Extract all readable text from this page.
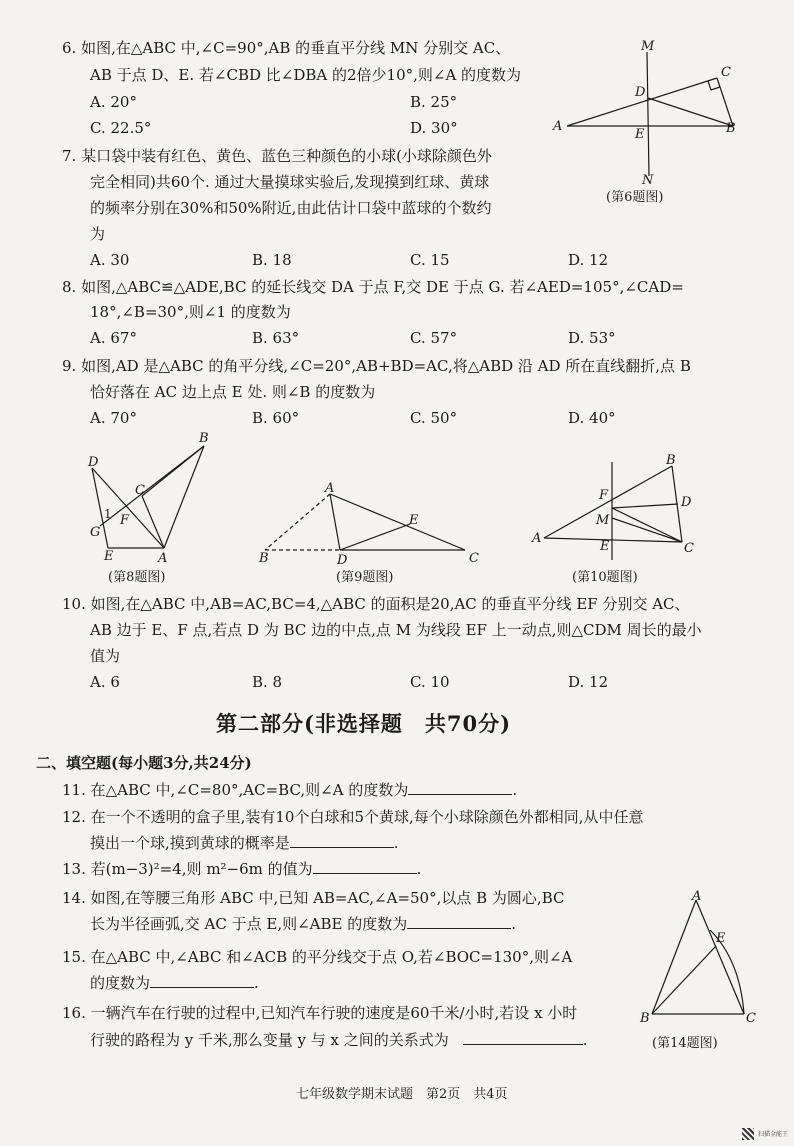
6. 如图,在△ABC 中,∠C=90°,AB 的垂直平分线 MN 分别交 AC、
AB 于点 D、E. 若∠CBD 比∠DBA 的2倍少10°,则∠A 的度数为
A. 20°	B. 25°
C. 22.5°	D. 30°
M
C
D
A
E	B
N
(第6题图)
7. 某口袋中装有红色、黄色、蓝色三种颜色的小球(小球除颜色外
完全相同)共60个. 通过大量摸球实验后,发现摸到红球、黄球
的频率分别在30%和50%附近,由此估计口袋中蓝球的个数约
为
A. 30	B. 18	C. 15	D. 12
8. 如图,△ABC≌△ADE,BC 的延长线交 DA 于点 F,交 DE 于点 G. 若∠AED=105°,∠CAD=
18°,∠B=30°,则∠1 的度数为
A. 67°	B. 63°	C. 57°	D. 53°
9. 如图,AD 是△ABC 的角平分线,∠C=20°,AB+BD=AC,将△ABD 沿 AD 所在直线翻折,点 B
恰好落在 AC 边上点 E 处. 则∠B 的度数为
A. 70°	B. 60°	C. 50°	D. 40°
D
B
C
1 F
G
E	A
(第8题图)
A
E
B	D	C
(第9题图)
B
F	D
M
A
E	C
(第10题图)
10. 如图,在△ABC 中,AB=AC,BC=4,△ABC 的面积是20,AC 的垂直平分线 EF 分别交 AC、
AB 边于 E、F 点,若点 D 为 BC 边的中点,点 M 为线段 EF 上一动点,则△CDM 周长的最小
值为
A. 6	B. 8	C. 10	D. 12
第二部分(非选择题　共70分)
二、填空题(每小题3分,共24分)
11. 在△ABC 中,∠C=80°,AC=BC,则∠A 的度数为	.
12. 在一个不透明的盒子里,装有10个白球和5个黄球,每个小球除颜色外都相同,从中任意
摸出一个球,摸到黄球的概率是	.
13. 若(m−3)²=4,则 m²−6m 的值为	.
14. 如图,在等腰三角形 ABC 中,已知 AB=AC,∠A=50°,以点 B 为圆心,BC
长为半径画弧,交 AC 于点 E,则∠ABE 的度数为	.
A
E
B	C
(第14题图)
15. 在△ABC 中,∠ABC 和∠ACB 的平分线交于点 O,若∠BOC=130°,则∠A
的度数为	.
16. 一辆汽车在行驶的过程中,已知汽车行驶的速度是60千米/小时,若设 x 小时
行驶的路程为 y 千米,那么变量 y 与 x 之间的关系式为	.
七年级数学期末试题　第2页　共4页
扫描全能王
